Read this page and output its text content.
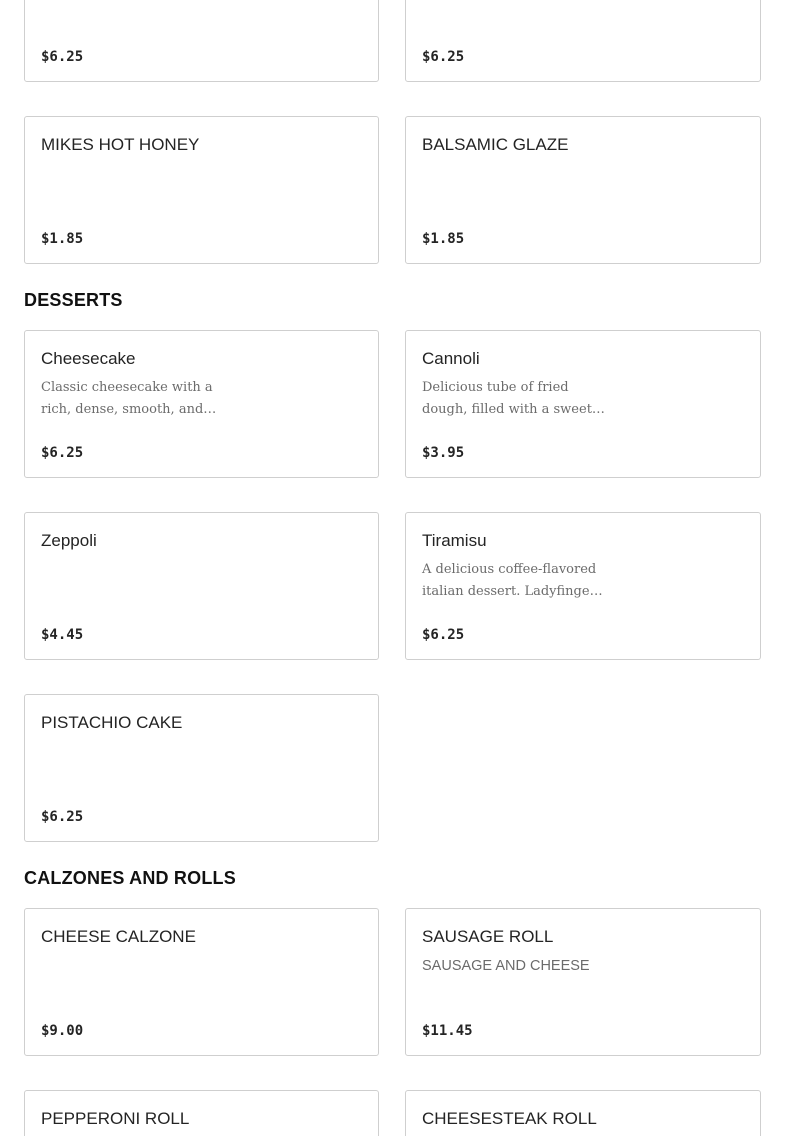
$6.25	$6.25
MIKES HOT HONEY
$1.85
BALSAMIC GLAZE
$1.85
DESSERTS
Cheesecake
Classic cheesecake with a rich, dense, smooth, and…
$6.25
Cannoli
Delicious tube of fried dough, filled with a sweet…
$3.95
Zeppoli
$4.45
Tiramisu
A delicious coffee-flavored italian dessert. Ladyfinge…
$6.25
PISTACHIO CAKE
$6.25
CALZONES AND ROLLS
CHEESE CALZONE
$9.00
SAUSAGE ROLL
SAUSAGE AND CHEESE
$11.45
PEPPERONI ROLL	CHEESESTEAK ROLL
